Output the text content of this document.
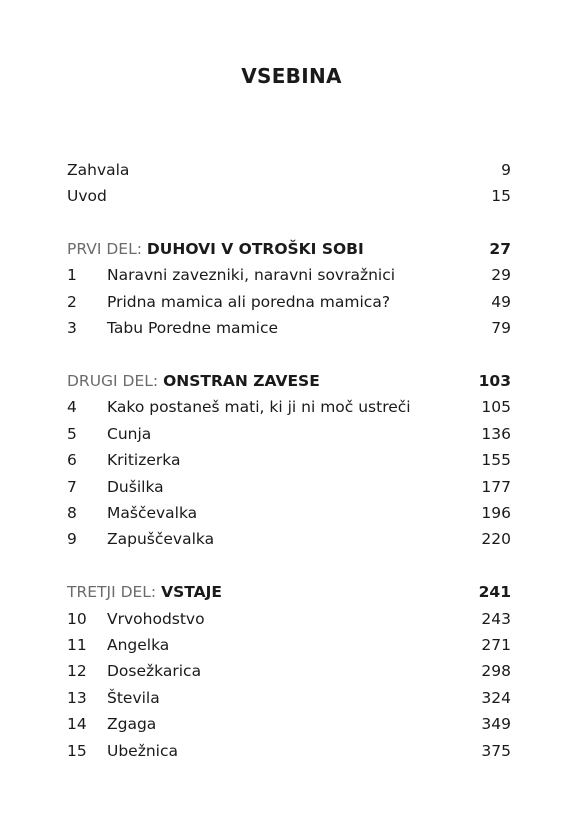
VSEBINA
Zahvala	9
Uvod	15
PRVI DEL: DUHOVI V OTROŠKI SOBI	27
1	Naravni zavezniki, naravni sovražnici	29
2	Pridna mamica ali poredna mamica?	49
3	Tabu Poredne mamice	79
DRUGI DEL: ONSTRAN ZAVESE	103
4	Kako postaneš mati, ki ji ni moč ustreči	105
5	Cunja	136
6	Kritizerka	155
7	Dušilka	177
8	Maščevalka	196
9	Zapuščevalka	220
TRETJI DEL: VSTAJE	241
10	Vrvohodstvo	243
11	Angelka	271
12	Dosežkarica	298
13	Števila	324
14	Zgaga	349
15	Ubežnica	375
